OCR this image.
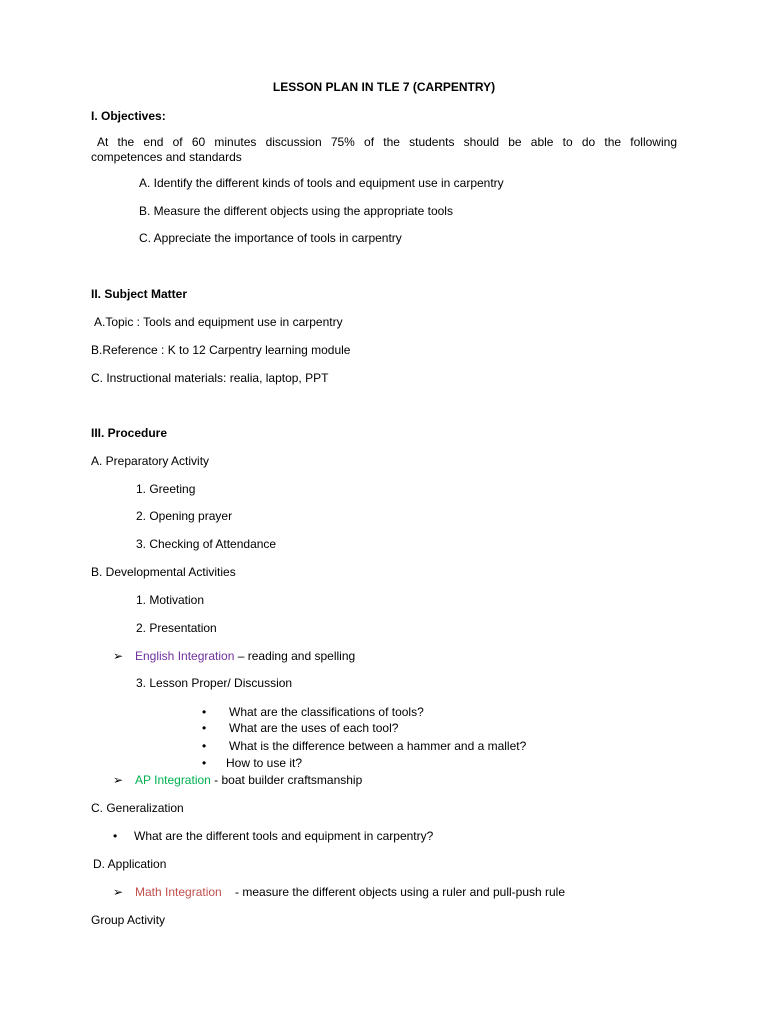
LESSON PLAN IN TLE 7 (CARPENTRY)
I. Objectives:
At the end of 60 minutes discussion 75% of the students should be able to do the following
competences and standards
A. Identify the different kinds of tools and equipment use in carpentry
B. Measure the different objects using the appropriate tools
C. Appreciate the importance of tools in carpentry
II. Subject Matter
A.Topic : Tools and equipment use in carpentry
B.Reference : K to 12 Carpentry learning module
C. Instructional materials: realia, laptop, PPT
III. Procedure
A. Preparatory Activity
1. Greeting
2. Opening prayer
3. Checking of Attendance
B. Developmental Activities
1. Motivation
2. Presentation
➢ English Integration – reading and spelling
3. Lesson Proper/ Discussion
• What are the classifications of tools?
• What are the uses of each tool?
• What is the difference between a hammer and a mallet?
• How to use it?
➢ AP Integration - boat builder craftsmanship
C. Generalization
• What are the different tools and equipment in carpentry?
D. Application
➢ Math Integration    - measure the different objects using a ruler and pull-push rule
Group Activity
